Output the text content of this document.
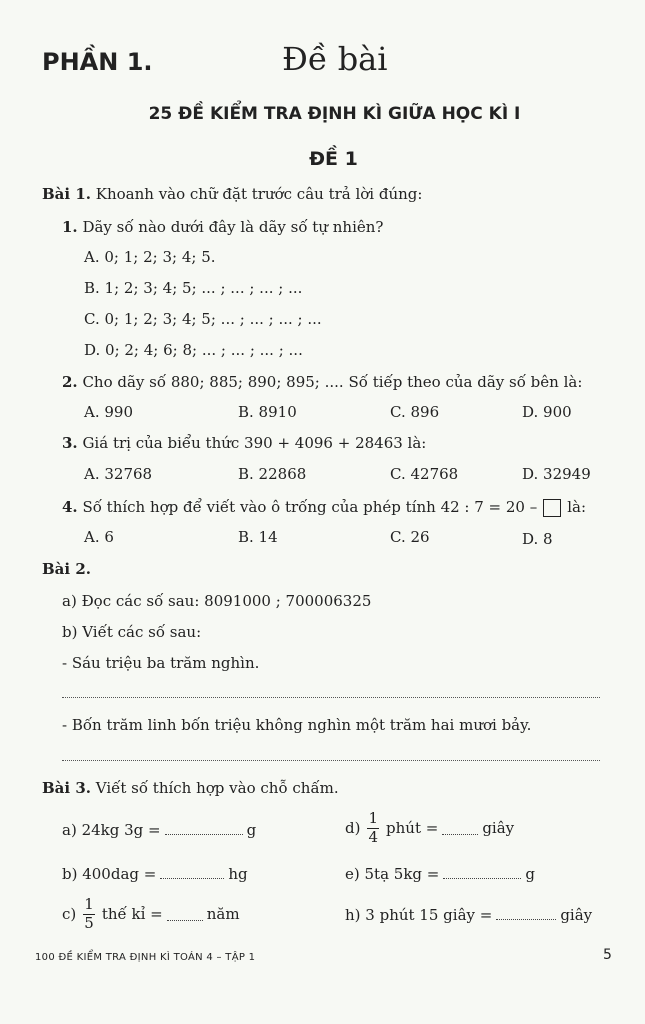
PHẦN 1.	Đề bài
25 ĐỀ KIỂM TRA ĐỊNH KÌ GIỮA HỌC KÌ I
ĐỀ 1
Bài 1. Khoanh vào chữ đặt trước câu trả lời đúng:
1. Dãy số nào dưới đây là dãy số tự nhiên?
A. 0; 1; 2; 3; 4; 5.
B. 1; 2; 3; 4; 5; ... ; ... ; ... ; ...
C. 0; 1; 2; 3; 4; 5; ... ; ... ; ... ; ...
D. 0; 2; 4; 6; 8; ... ; ... ; ... ; ...
2. Cho dãy số 880; 885; 890; 895; .... Số tiếp theo của dãy số bên là:
A. 990	B. 8910	C. 896	D. 900
3. Giá trị của biểu thức 390 + 4096 + 28463 là:
A. 32768	B. 22868	C. 42768	D. 32949
4. Số thích hợp để viết vào ô trống của phép tính 42 : 7 = 20 – là:
A. 6	B. 14	C. 26	D. 8
Bài 2.
a) Đọc các số sau: 8091000 ; 700006325
b) Viết các số sau:
- Sáu triệu ba trăm nghìn.
- Bốn trăm linh bốn triệu không nghìn một trăm hai mươi bảy.
Bài 3. Viết số thích hợp vào chỗ chấm.
a) 24kg 3g =	g	$d) \frac{1}{4}$ phút =	giây
b) 400dag =	hg	e) 5tạ 5kg =	g
$c) \frac{1}{5}$ thế kỉ =	năm	h) 3 phút 15 giây =	giây
100 ĐỀ KIỂM TRA ĐỊNH KÌ TOÁN 4 – TẬP 1	5
